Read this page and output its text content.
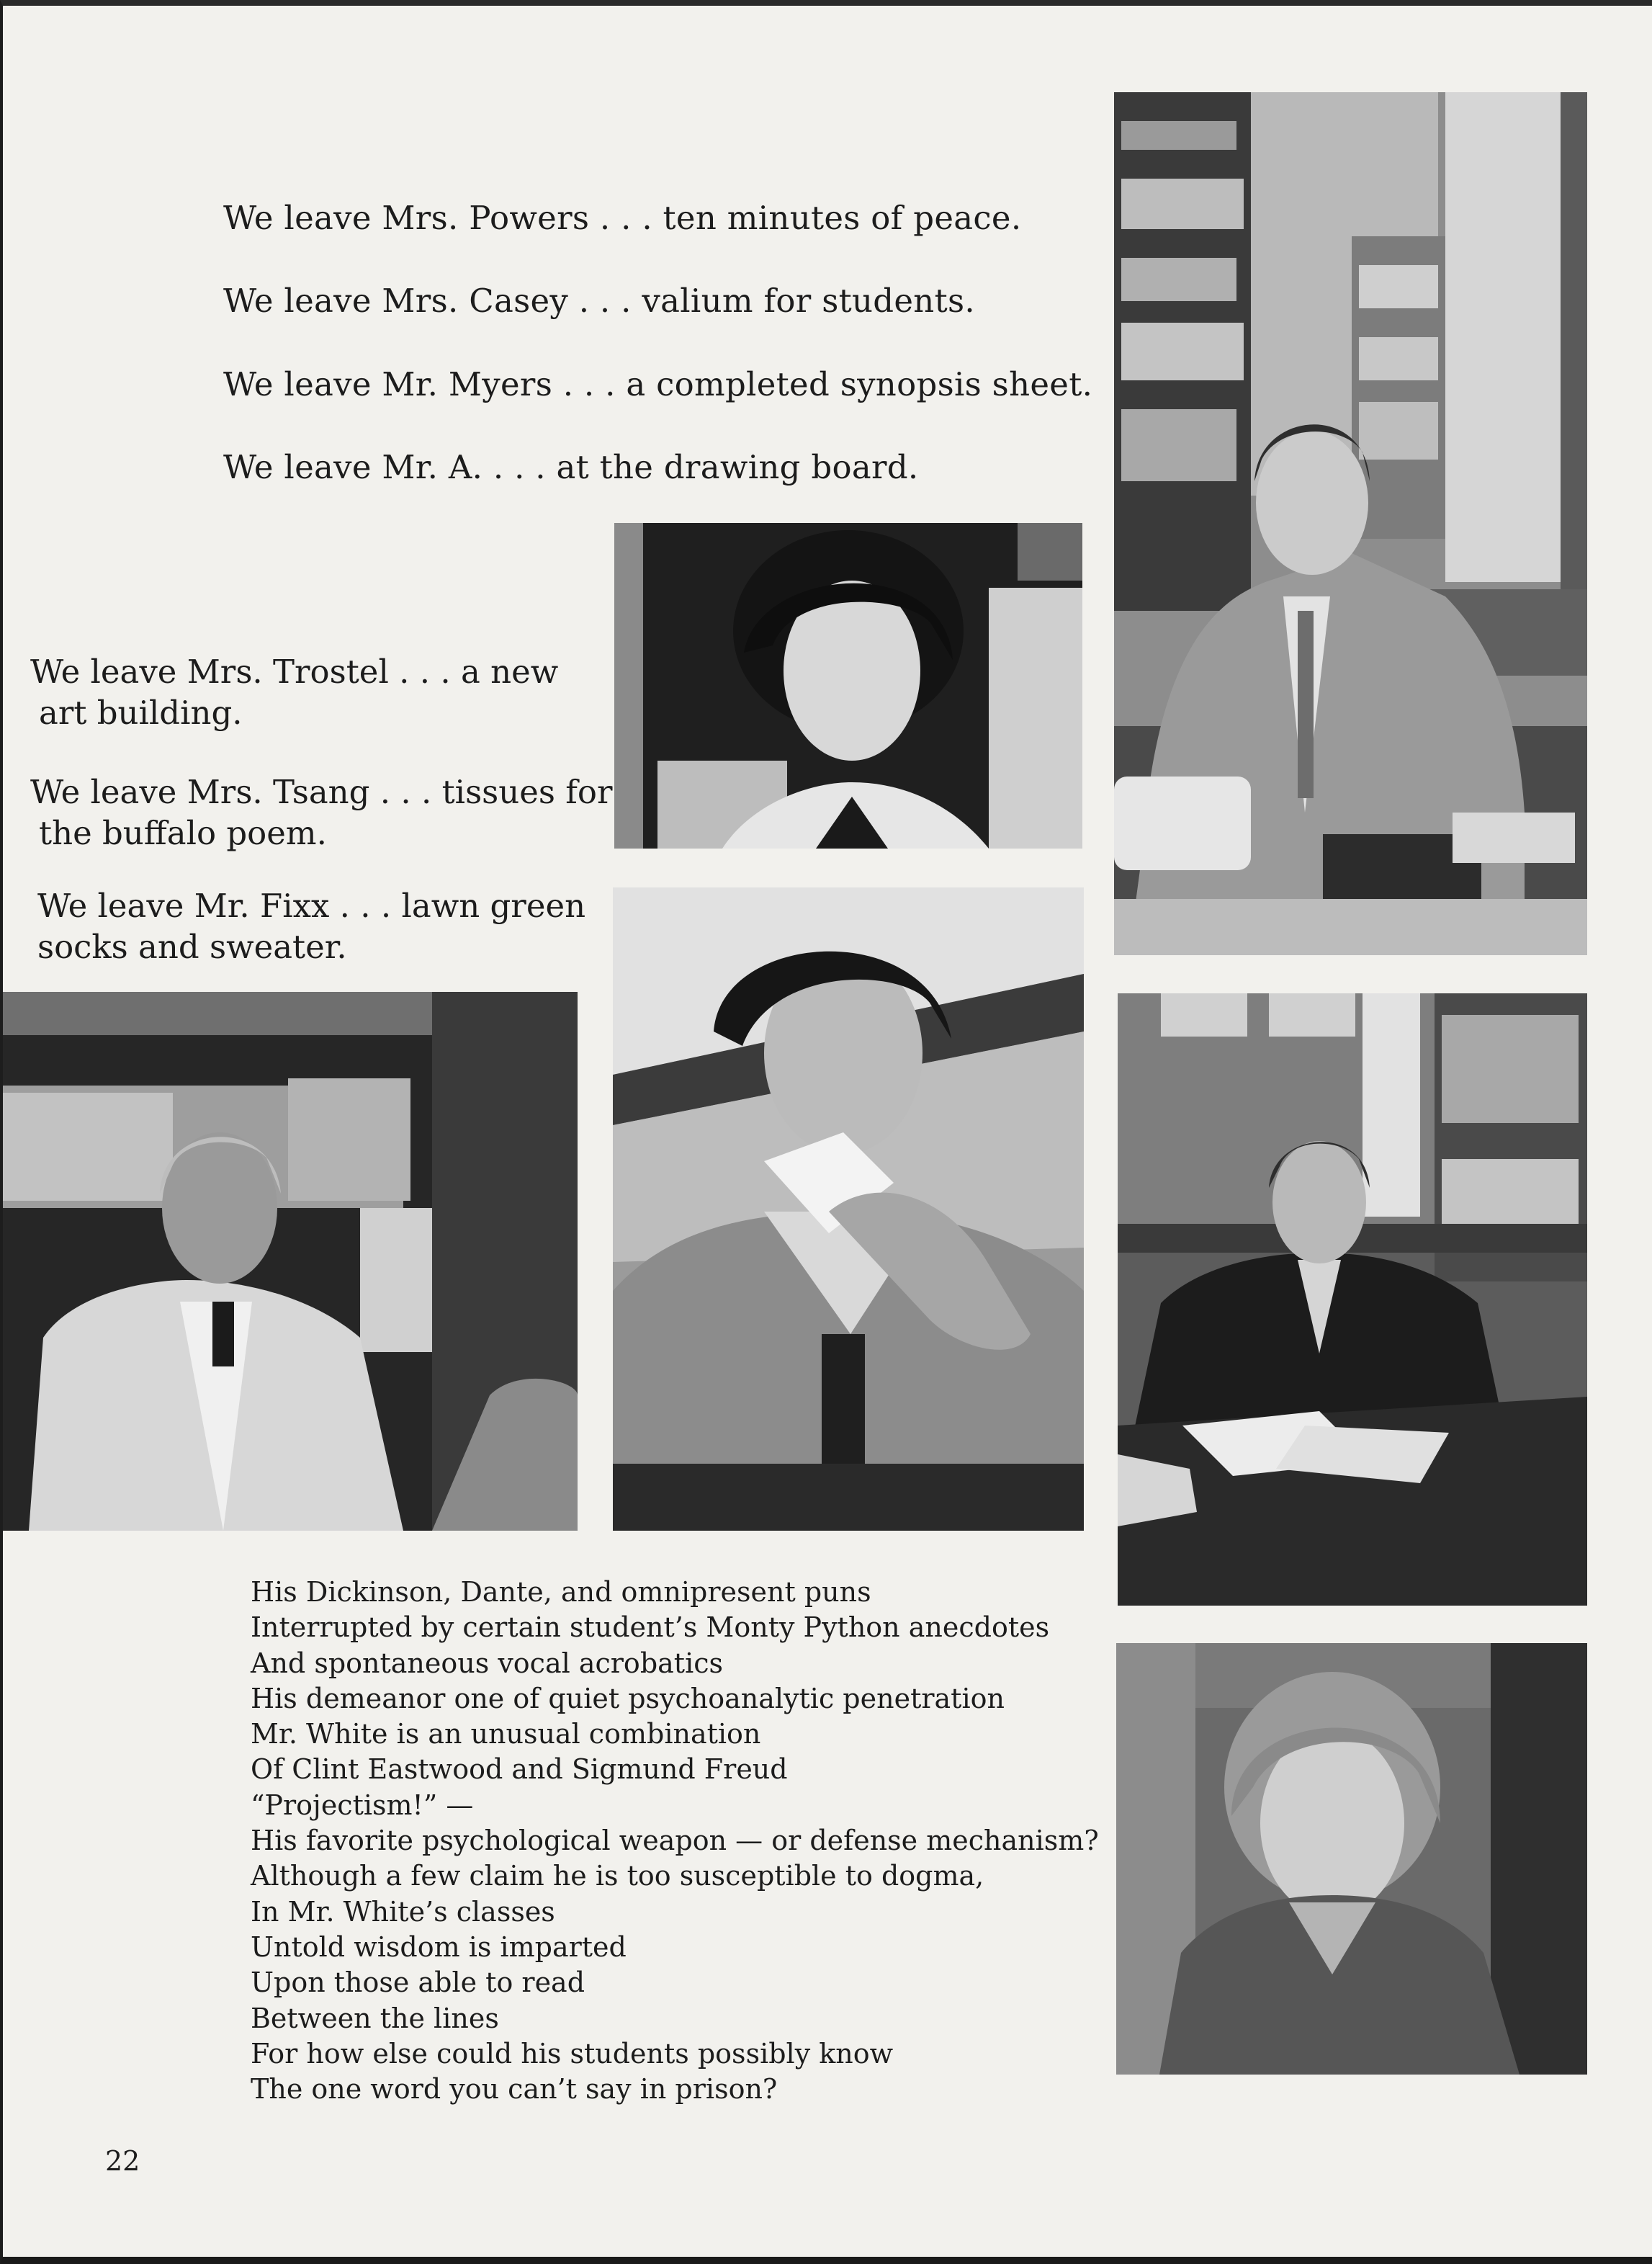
We leave Mrs. Powers . . . ten minutes of peace.

We leave Mrs. Casey . . . valium for students.

We leave Mr. Myers . . . a completed synopsis sheet.

We leave Mr. A. . . . at the drawing board.

We leave Mrs. Trostel . . . a new
art building.

We leave Mrs. Tsang . . . tissues for
the buffalo poem.

We leave Mr. Fixx . . . lawn green
socks and sweater.

His Dickinson, Dante, and omnipresent puns
Interrupted by certain student’s Monty Python anecdotes
And spontaneous vocal acrobatics
His demeanor one of quiet psychoanalytic penetration
Mr. White is an unusual combination
Of Clint Eastwood and Sigmund Freud
“Projectism!” —
His favorite psychological weapon — or defense mechanism?
Although a few claim he is too susceptible to dogma,
In Mr. White’s classes
Untold wisdom is imparted
Upon those able to read
Between the lines
For how else could his students possibly know
The one word you can’t say in prison?
22
